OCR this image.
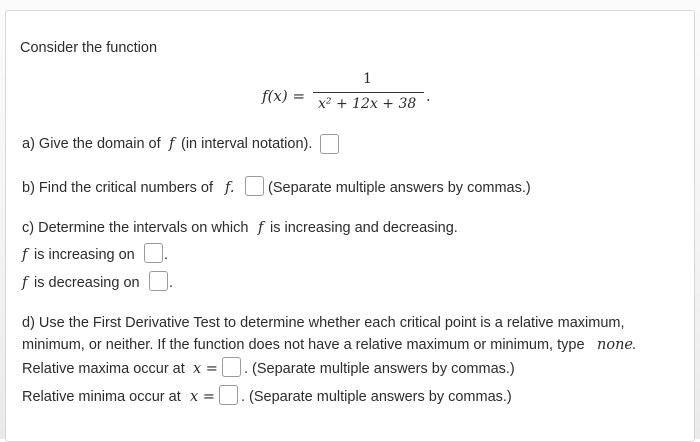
Consider the function
f(x) =
1
x² + 12x + 38 .
a) Give the domain of f (in interval notation).
b) Find the critical numbers of f. (Separate multiple answers by commas.)
c) Determine the intervals on which f is increasing and decreasing.
f is increasing on .
f is decreasing on .
d) Use the First Derivative Test to determine whether each critical point is a relative maximum,
minimum, or neither. If the function does not have a relative maximum or minimum, type none .
Relative maxima occur at x = . (Separate multiple answers by commas.)
Relative minima occur at x = . (Separate multiple answers by commas.)
